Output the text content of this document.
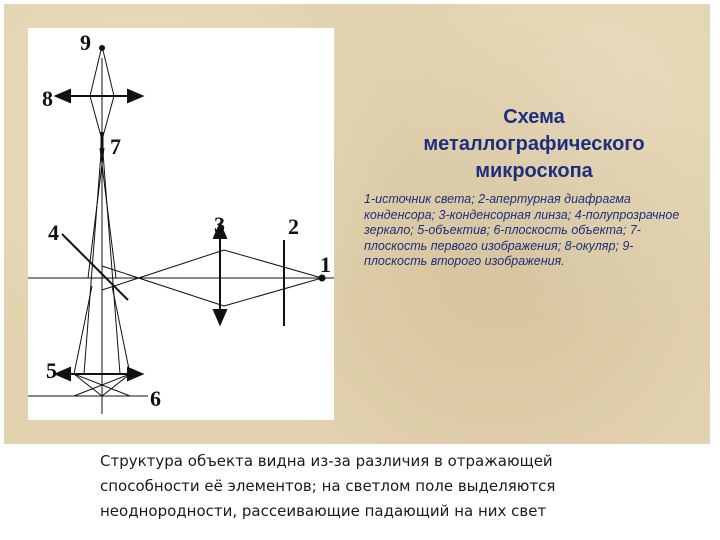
1
2
3
4
5
6
7
8
9
Схема
металлографического
микроскопа
1-источник света; 2-апертурная диафрагма конденсора; 3-конденсорная линза; 4-полупрозрачное зеркало; 5-объектив; 6-плоскость объекта; 7-плоскость первого изображения; 8-окуляр; 9-плоскость второго изображения.
Структура объекта видна из-за различия в отражающей
способности её элементов; на светлом поле выделяются
неоднородности, рассеивающие падающий на них свет
